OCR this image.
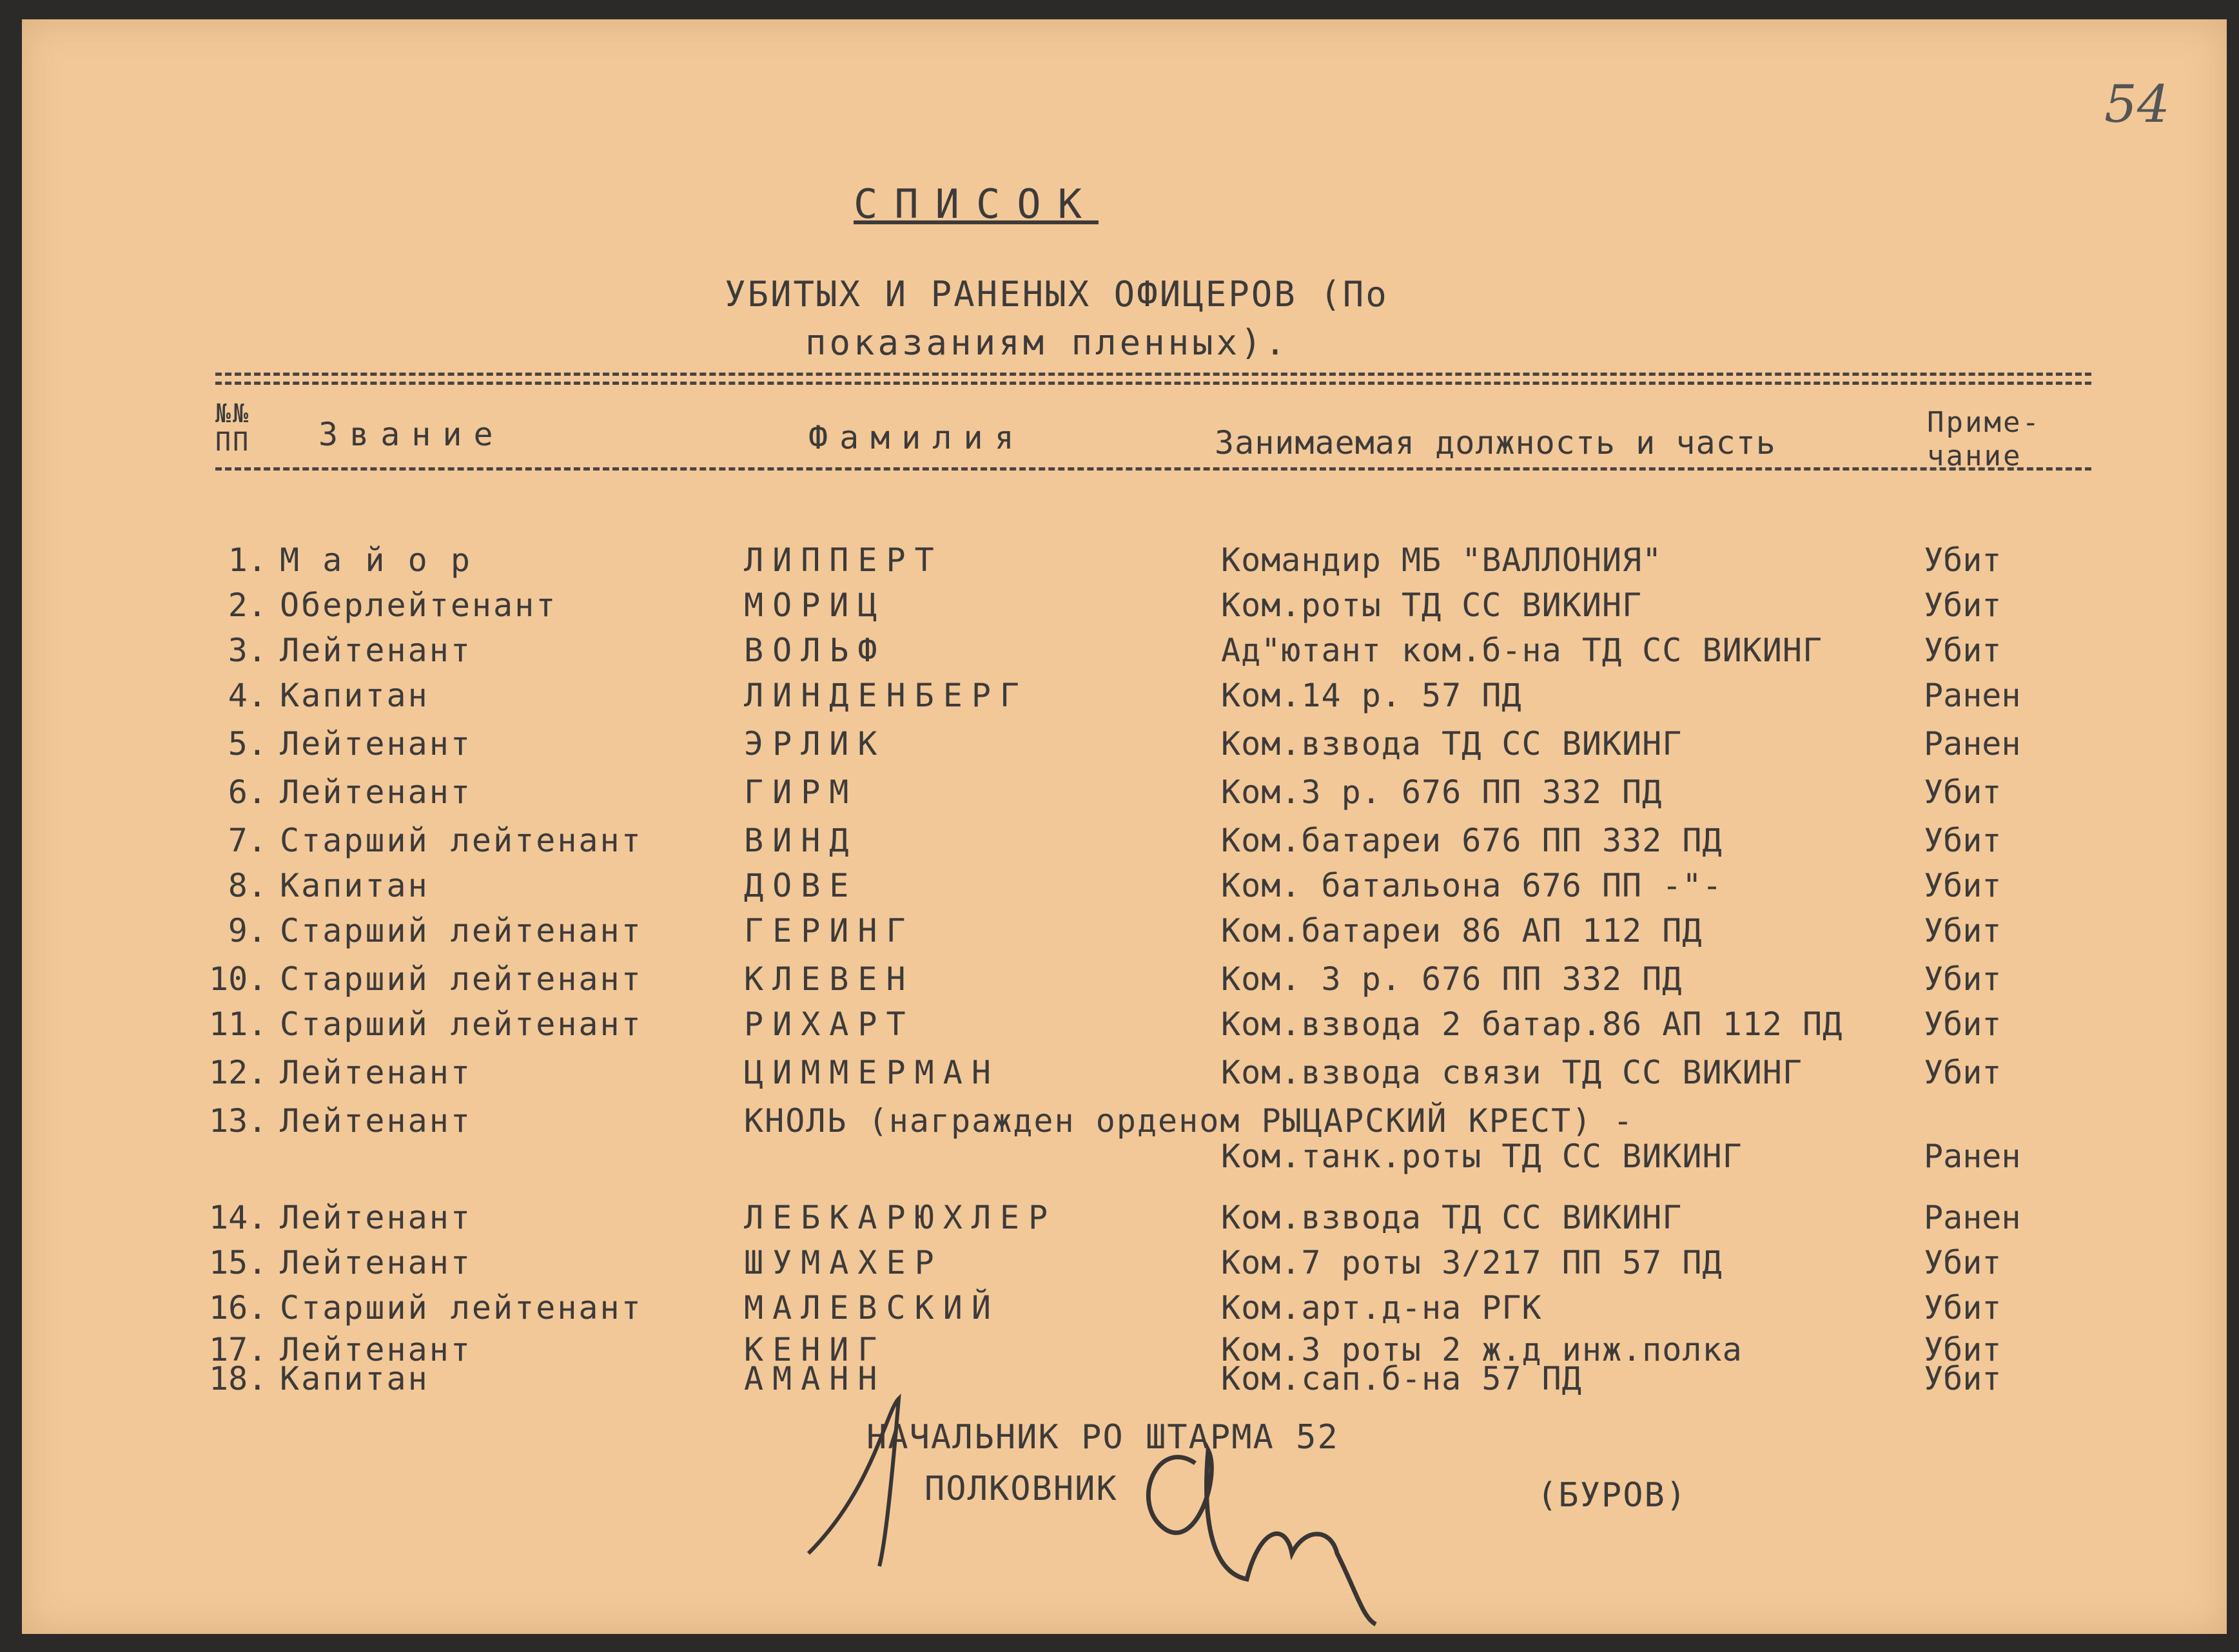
54
СПИСОК
УБИТЫХ И РАНЕНЫХ ОФИЦЕРОВ (По
показаниям пленных).
№№
ПП Звание	Фамилия	Занимаемая должность и часть
Приме-
чание
1. М а й о р	ЛИППЕРТ	Командир МБ "ВАЛЛОНИЯ"	Убит
2. Оберлейтенант	МОРИЦ	Ком.роты ТД СС ВИКИНГ	Убит
3. Лейтенант	ВОЛЬФ	Ад"ютант ком.б-на ТД СС ВИКИНГ	Убит
4. Капитан	ЛИНДЕНБЕРГ	Ком.14 р. 57 ПД	Ранен
5. Лейтенант	ЭРЛИК	Ком.взвода ТД СС ВИКИНГ	Ранен
6. Лейтенант	ГИРМ	Ком.3 р. 676 ПП 332 ПД	Убит
7. Старший лейтенант	ВИНД	Ком.батареи 676 ПП 332 ПД	Убит
8. Капитан	ДОВЕ	Ком. батальона 676 ПП -"-	Убит
9. Старший лейтенант	ГЕРИНГ	Ком.батареи 86 АП 112 ПД	Убит
10. Старший лейтенант	КЛЕВЕН	Ком. 3 р. 676 ПП 332 ПД	Убит
11. Старший лейтенант	РИХАРТ	Ком.взвода 2 батар.86 АП 112 ПД	Убит
12. Лейтенант	ЦИММЕРМАН	Ком.взвода связи ТД СС ВИКИНГ	Убит
13. Лейтенант	КНОЛЬ (награжден орденом РЫЦАРСКИЙ КРЕСТ) -
Ком.танк.роты ТД СС ВИКИНГ	Ранен
14. Лейтенант	ЛЕБКАРЮХЛЕР	Ком.взвода ТД СС ВИКИНГ	Ранен
15. Лейтенант	ШУМАХЕР	Ком.7 роты 3/217 ПП 57 ПД	Убит
16. Старший лейтенант	МАЛЕВСКИЙ	Ком.арт.д-на РГК	Убит
17. Лейтенант	КЕНИГ	Ком.3 роты 2 ж.д инж.полка	Убит
18. Капитан	АМАНН	Ком.сап.б-на 57 ПД	Убит
НАЧАЛЬНИК РО ШТАРМА 52
ПОЛКОВНИК	(БУРОВ)
